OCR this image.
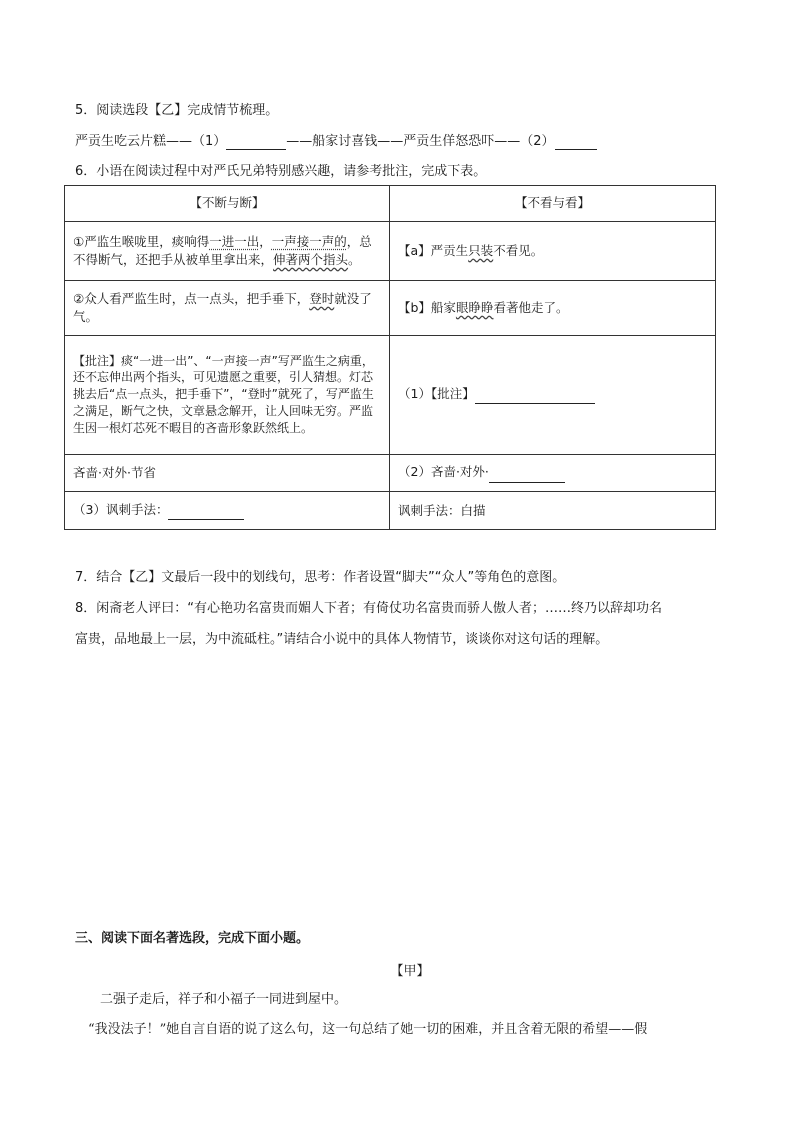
5．阅读选段【乙】完成情节梳理。
严贡生吃云片糕——（1）	——船家讨喜钱——严贡生佯怒恐吓——（2）
6．小语在阅读过程中对严氏兄弟特别感兴趣，请参考批注，完成下表。
【不断与断】	【不看与看】
①严监生喉咙里，痰响得一进一出，一声接一声的，总不得断气，还把手从被单里拿出来，伸著两个指头。	【a】严贡生只装不看见。
②众人看严监生时，点一点头，把手垂下，登时就没了气。	【b】船家眼睁睁看著他走了。
【批注】痰“一进一出”、“一声接一声”写严监生之病重，还不忘伸出两个指头，可见遗愿之重要，引人猜想。灯芯挑去后“点一点头，把手垂下”，“登时”就死了，写严监生之满足，断气之快，文章悬念解开，让人回味无穷。严监生因一根灯芯死不暇目的吝啬形象跃然纸上。	（1）【批注】
吝啬·对外·节省	（2）吝啬·对外·
（3）讽刺手法：	讽刺手法：白描
7．结合【乙】文最后一段中的划线句，思考：作者设置“脚夫”“众人”等角色的意图。
8．闲斋老人评曰：“有心艳功名富贵而媚人下者；有倚仗功名富贵而骄人傲人者；……终乃以辞却功名
富贵，品地最上一层，为中流砥柱。”请结合小说中的具体人物情节，谈谈你对这句话的理解。
三、阅读下面名著选段，完成下面小题。
【甲】
二强子走后，祥子和小福子一同进到屋中。
“我没法子！”她自言自语的说了这么句，这一句总结了她一切的困难，并且含着无限的希望——假
